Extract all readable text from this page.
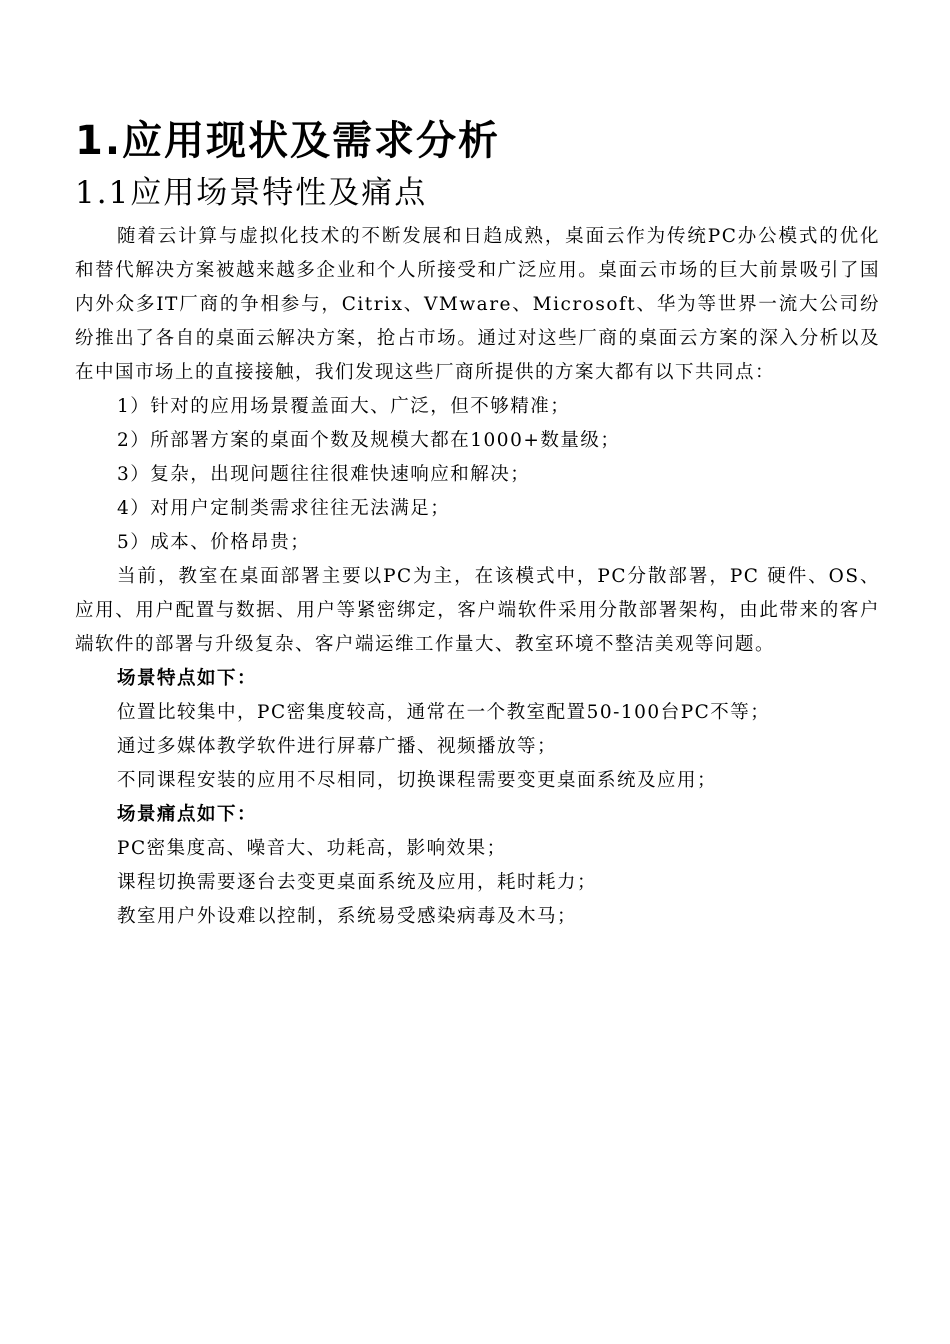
1.应用现状及需求分析
1.1应用场景特性及痛点

随着云计算与虚拟化技术的不断发展和日趋成熟，桌面云作为传统PC办公模式的优化和替代解决方案被越来越多企业和个人所接受和广泛应用。桌面云市场的巨大前景吸引了国内外众多IT厂商的争相参与，Citrix、VMware、Microsoft、华为等世界一流大公司纷纷推出了各自的桌面云解决方案，抢占市场。通过对这些厂商的桌面云方案的深入分析以及在中国市场上的直接接触，我们发现这些厂商所提供的方案大都有以下共同点：

1）针对的应用场景覆盖面大、广泛，但不够精准；

2）所部署方案的桌面个数及规模大都在1000+数量级；

3）复杂，出现问题往往很难快速响应和解决；

4）对用户定制类需求往往无法满足；

5）成本、价格昂贵；

当前，教室在桌面部署主要以PC为主，在该模式中，PC分散部署，PC 硬件、OS、应用、用户配置与数据、用户等紧密绑定，客户端软件采用分散部署架构，由此带来的客户端软件的部署与升级复杂、客户端运维工作量大、教室环境不整洁美观等问题。

场景特点如下：

位置比较集中，PC密集度较高，通常在一个教室配置50-100台PC不等；

通过多媒体教学软件进行屏幕广播、视频播放等；

不同课程安装的应用不尽相同，切换课程需要变更桌面系统及应用；

场景痛点如下：

PC密集度高、噪音大、功耗高，影响效果；

课程切换需要逐台去变更桌面系统及应用，耗时耗力；

教室用户外设难以控制，系统易受感染病毒及木马；
